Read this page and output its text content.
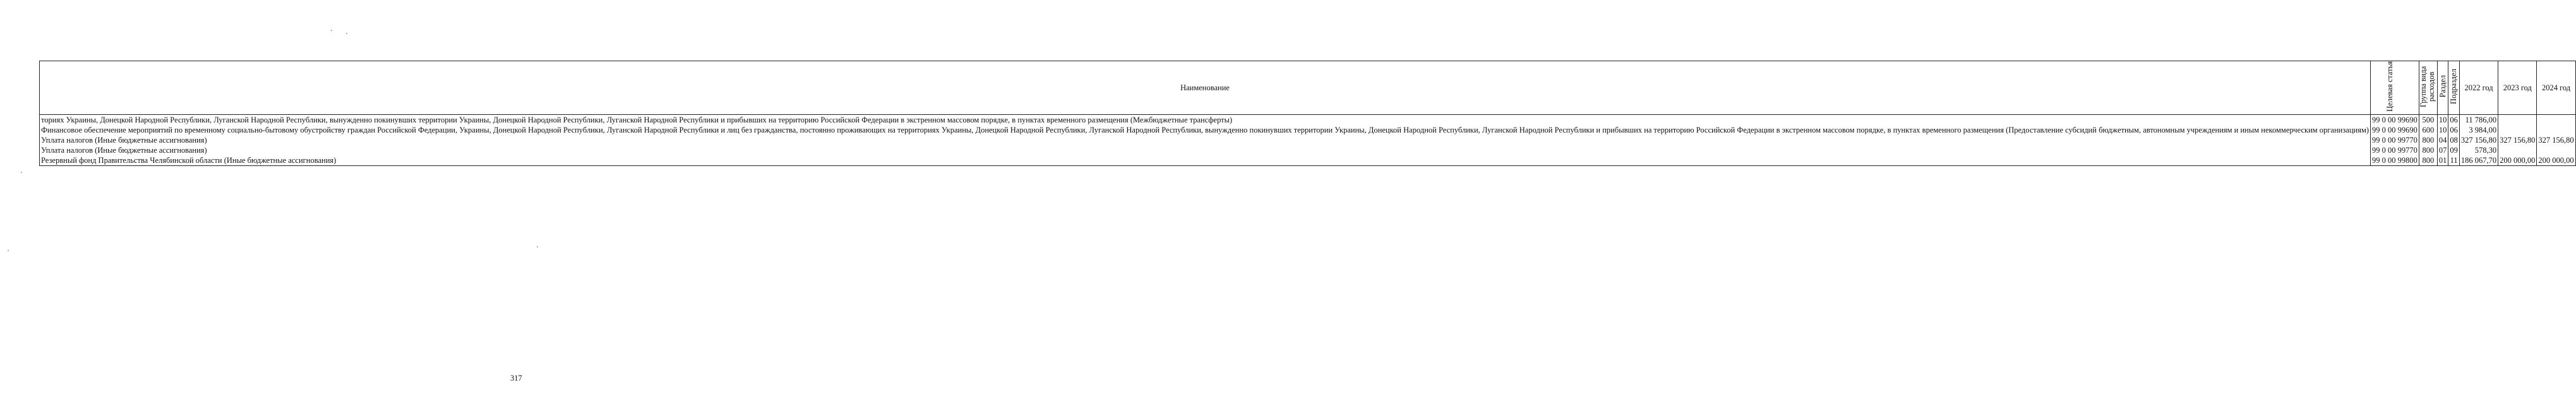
Наименование	Целевая статья	Группа вида расходов	Раздел	Подраздел	2022 год	2023 год	2024 год
ториях Украины, Донецкой Народной Республики, Луганской Народной Республики, вынужденно покинувших территории Украины, Донецкой Народной Республики, Луганской Народной Республики и прибывших на территорию Российской Федерации в экстренном массовом порядке, в пунктах временного размещения (Межбюджетные трансферты)	99 0 00 99690	500	10	06	11 786,00		
Финансовое обеспечение мероприятий по временному социально-бытовому обустройству граждан Российской Федерации, Украины, Донецкой Народной Республики, Луганской Народной Республики и лиц без гражданства, постоянно проживающих на территориях Украины, Донецкой Народной Республики, Луганской Народной Республики, вынужденно покинувших территории Украины, Донецкой Народной Республики, Луганской Народной Республики и прибывших на территорию Российской Федерации в экстренном массовом порядке, в пунктах временного размещения (Предоставление субсидий бюджетным, автономным учреждениям и иным некоммерческим организациям)	99 0 00 99690	600	10	06	3 984,00		
Уплата налогов (Иные бюджетные ассигнования)	99 0 00 99770	800	04	08	327 156,80	327 156,80	327 156,80
Уплата налогов (Иные бюджетные ассигнования)	99 0 00 99770	800	07	09	578,30		
Резервный фонд Правительства Челябинской области (Иные бюджетные ассигнования)	99 0 00 99800	800	01	11	186 067,70	200 000,00	200 000,00
317
